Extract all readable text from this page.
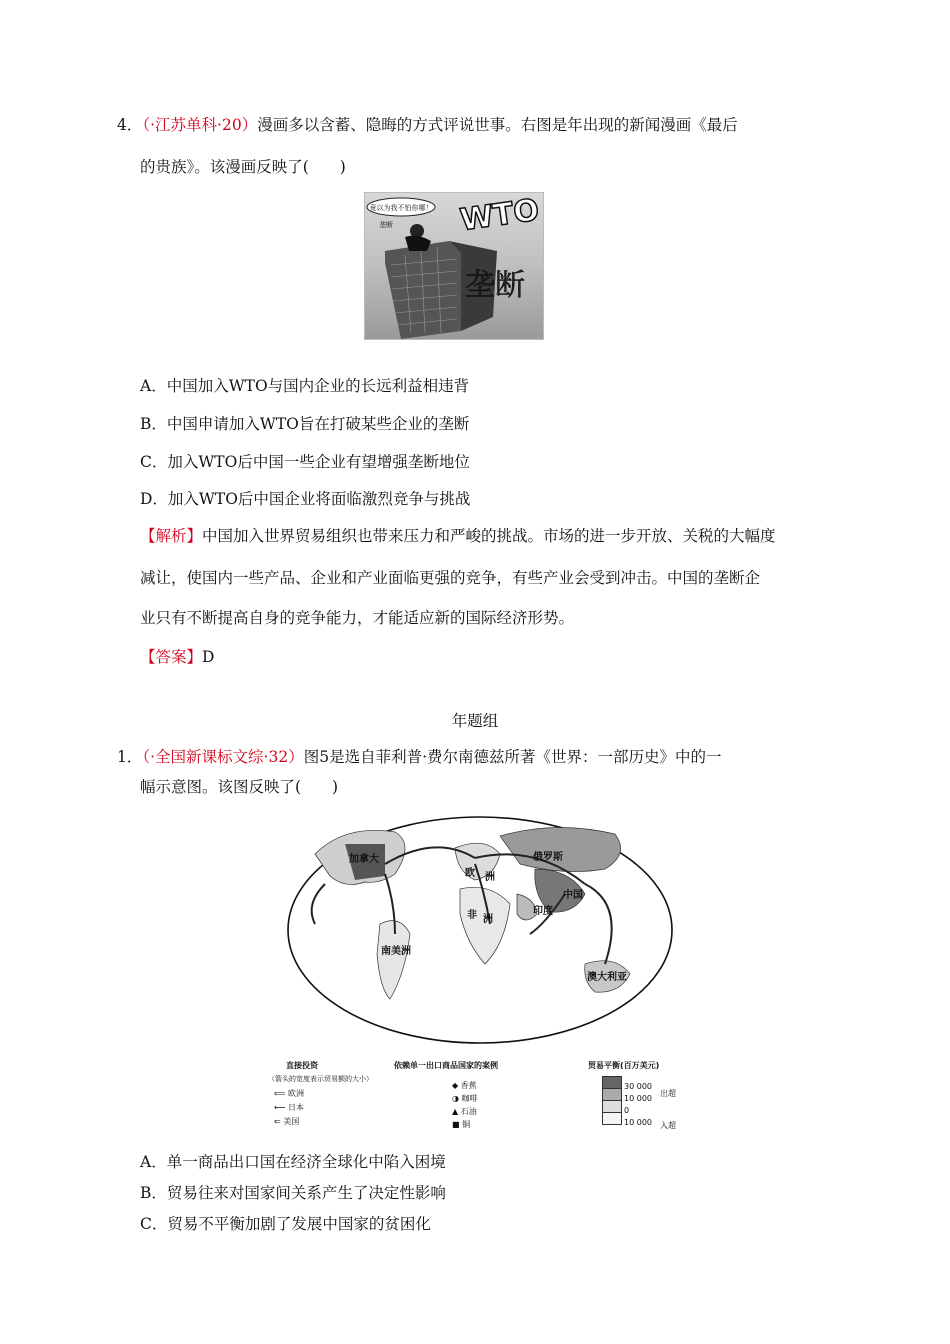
4．（·江苏单科·20）漫画多以含蓄、隐晦的方式评说世事。右图是年出现的新闻漫画《最后
的贵族》。该漫画反映了(　　)
竟以为我不怕你哪！ WTO
垄断
垄断
A．中国加入WTO与国内企业的长远利益相违背
B．中国申请加入WTO旨在打破某些企业的垄断
C．加入WTO后中国一些企业有望增强垄断地位
D．加入WTO后中国企业将面临激烈竞争与挑战
【解析】中国加入世界贸易组织也带来压力和严峻的挑战。市场的进一步开放、关税的大幅度
减让，使国内一些产品、企业和产业面临更强的竞争，有些产业会受到冲击。中国的垄断企
业只有不断提高自身的竞争能力，才能适应新的国际经济形势。
【答案】D
年题组
1．（·全国新课标文综·32）图5是选自菲利普·费尔南德兹所著《世界：一部历史》中的一
幅示意图。该图反映了(　　)
加拿大
欧 洲
俄罗斯
非 洲
印度
中国
南美洲
澳大利亚
直接投资
（箭头的宽度表示贸易额的大小）
⟸ 欧洲
⟵ 日本
⇐ 美国
依赖单一出口商品国家的案例
◆ 香蕉
◑ 咖啡
▲ 石油
■ 铜
贸易平衡(百万美元)
30 000
10 000
0
10 000
出超
入超
A．单一商品出口国在经济全球化中陷入困境
B．贸易往来对国家间关系产生了决定性影响
C．贸易不平衡加剧了发展中国家的贫困化
